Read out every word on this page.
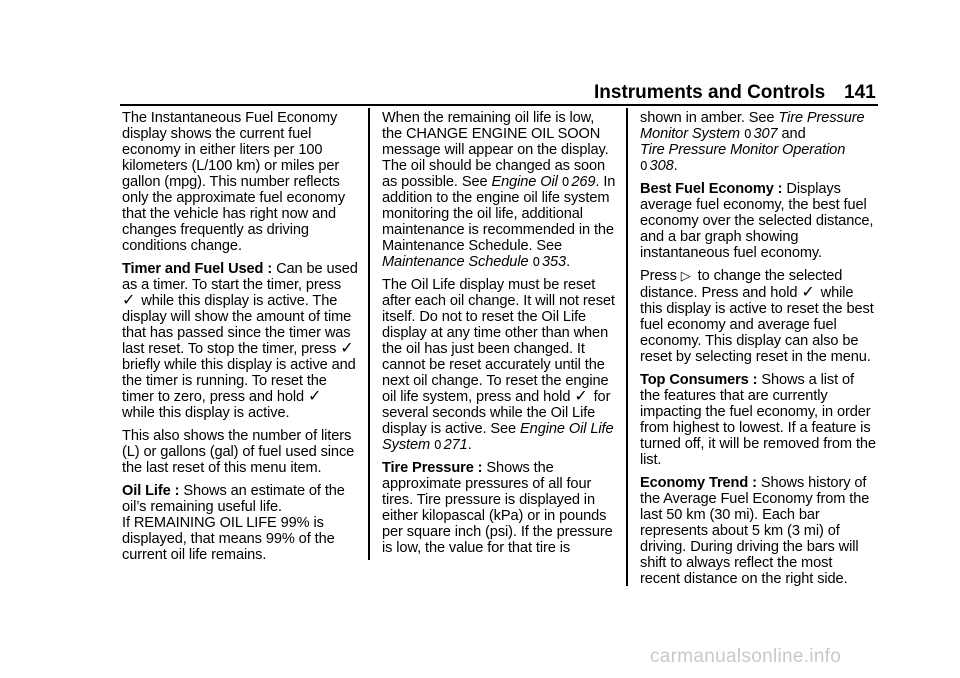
Instruments and Controls 141

The Instantaneous Fuel Economy display shows the current fuel economy in either liters per 100 kilometers (L/100 km) or miles per gallon (mpg). This number reflects only the approximate fuel economy that the vehicle has right now and changes frequently as driving conditions change.

Timer and Fuel Used : Can be used as a timer. To start the timer, press ✓ while this display is active. The display will show the amount of time that has passed since the timer was last reset. To stop the timer, press ✓ briefly while this display is active and the timer is running. To reset the timer to zero, press and hold ✓ while this display is active.

This also shows the number of liters (L) or gallons (gal) of fuel used since the last reset of this menu item.

Oil Life : Shows an estimate of the oil’s remaining useful life.
If REMAINING OIL LIFE 99% is displayed, that means 99% of the current oil life remains.

When the remaining oil life is low, the CHANGE ENGINE OIL SOON message will appear on the display. The oil should be changed as soon as possible. See Engine Oil 0 269. In addition to the engine oil life system monitoring the oil life, additional maintenance is recommended in the Maintenance Schedule. See Maintenance Schedule 0 353.

The Oil Life display must be reset after each oil change. It will not reset itself. Do not to reset the Oil Life display at any time other than when the oil has just been changed. It cannot be reset accurately until the next oil change. To reset the engine oil life system, press and hold ✓ for several seconds while the Oil Life display is active. See Engine Oil Life System 0 271.

Tire Pressure : Shows the approximate pressures of all four tires. Tire pressure is displayed in either kilopascal (kPa) or in pounds per square inch (psi). If the pressure is low, the value for that tire is

shown in amber. See Tire Pressure Monitor System 0 307 and
Tire Pressure Monitor Operation
0 308.

Best Fuel Economy : Displays average fuel economy, the best fuel economy over the selected distance, and a bar graph showing instantaneous fuel economy.

Press ▷ to change the selected distance. Press and hold ✓ while this display is active to reset the best fuel economy and average fuel economy. This display can also be reset by selecting reset in the menu.

Top Consumers : Shows a list of the features that are currently impacting the fuel economy, in order from highest to lowest. If a feature is turned off, it will be removed from the list.

Economy Trend : Shows history of the Average Fuel Economy from the last 50 km (30 mi). Each bar represents about 5 km (3 mi) of driving. During driving the bars will shift to always reflect the most recent distance on the right side.

carmanualsonline.info
